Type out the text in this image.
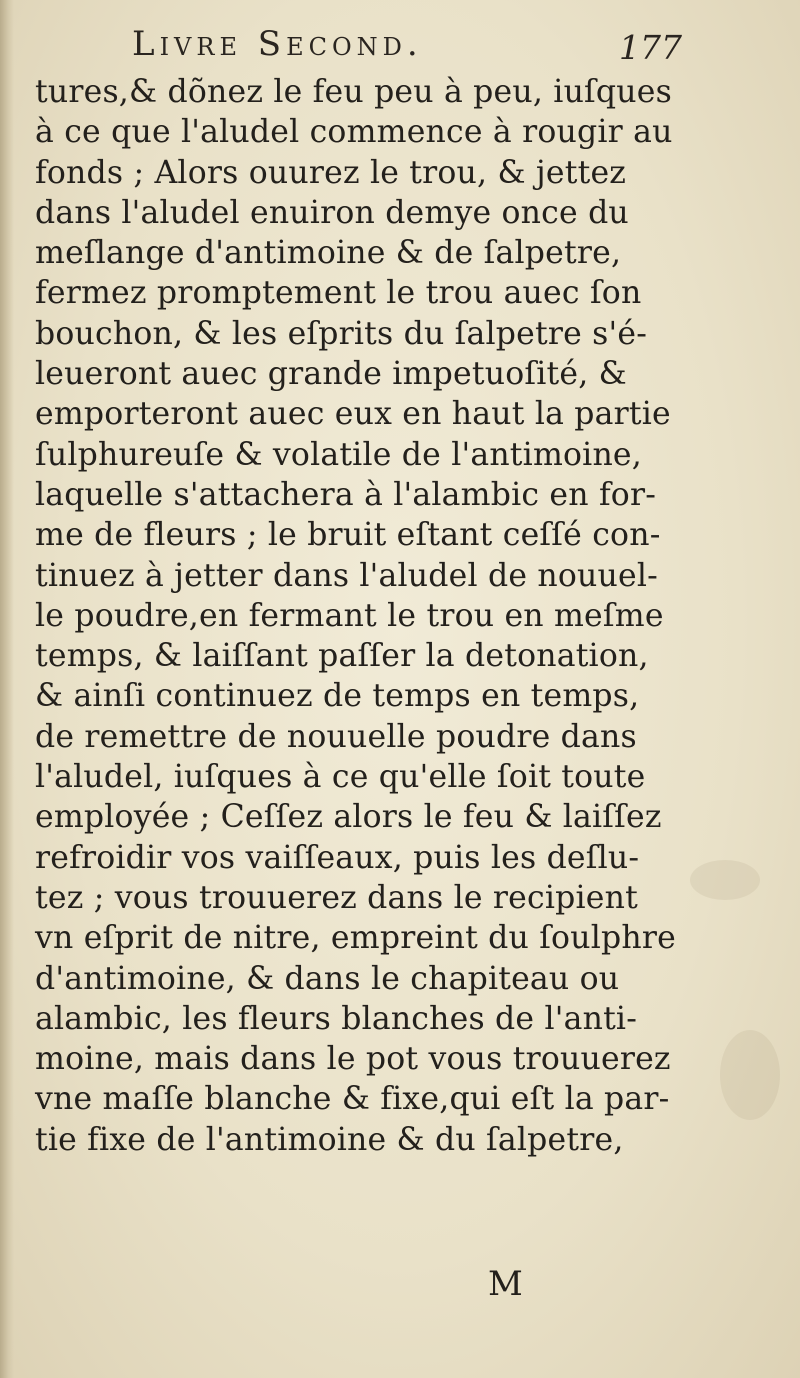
Livre Second.	177
tures,& dõnez le feu peu à peu, iuſques
à ce que l'aludel commence à rougir au
fonds ; Alors ouurez le trou, & jettez
dans l'aludel enuiron demye once du
meſlange d'antimoine & de ſalpetre,
fermez promptement le trou auec ſon
bouchon, & les eſprits du ſalpetre s'é-
leueront auec grande impetuoſité, &
emporteront auec eux en haut la partie
ſulphureuſe & volatile de l'antimoine,
laquelle s'attachera à l'alambic en for-
me de fleurs ; le bruit eſtant ceſſé con-
tinuez à jetter dans l'aludel de nouuel-
le poudre,en fermant le trou en meſme
temps, & laiſſant paſſer la detonation,
& ainſi continuez de temps en temps,
de remettre de nouuelle poudre dans
l'aludel, iuſques à ce qu'elle ſoit toute
employée ; Ceſſez alors le feu & laiſſez
refroidir vos vaiſſeaux, puis les deſlu-
tez ; vous trouuerez dans le recipient
vn eſprit de nitre, empreint du ſoulphre
d'antimoine, & dans le chapiteau ou
alambic, les fleurs blanches de l'anti-
moine, mais dans le pot vous trouuerez
vne maſſe blanche & fixe,qui eſt la par-
tie fixe de l'antimoine & du ſalpetre,
M
